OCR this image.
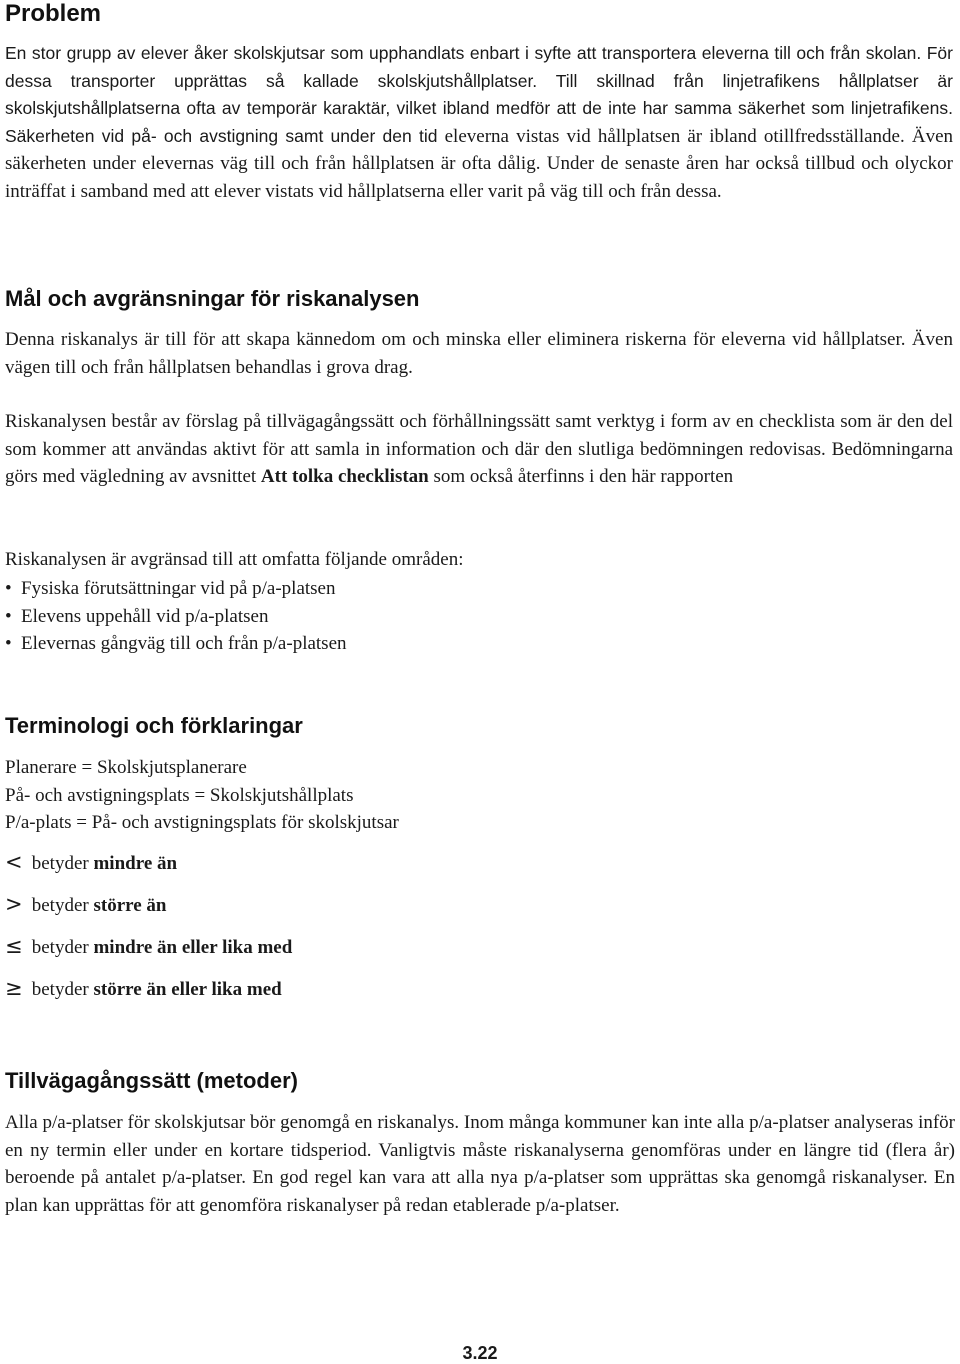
Problem

En stor grupp av elever åker skolskjutsar som upphandlats enbart i syfte att transportera eleverna till och från skolan. För dessa transporter upprättas så kallade skolskjutshållplatser. Till skillnad från linjetrafikens hållplatser är skolskjutshållplatserna ofta av temporär karaktär, vilket ibland medför att de inte har samma säkerhet som linjetrafikens. Säkerheten vid på- och avstigning samt under den tid eleverna vistas vid hållplatsen är ibland otillfredsställande. Även säkerheten under elevernas väg till och från hållplatsen är ofta dålig. Under de senaste åren har också tillbud och olyckor inträffat i samband med att elever vistats vid hållplatserna eller varit på väg till och från dessa.

Mål och avgränsningar för riskanalysen

Denna riskanalys är till för att skapa kännedom om och minska eller eliminera riskerna för eleverna vid hållplatser. Även vägen till och från hållplatsen behandlas i grova drag.

Riskanalysen består av förslag på tillvägagångssätt och förhållningssätt samt verktyg i form av en checklista som är den del som kommer att användas aktivt för att samla in information och där den slutliga bedömningen redovisas. Bedömningarna görs med vägledning av avsnittet Att tolka checklistan som också återfinns i den här rapporten

Riskanalysen är avgränsad till att omfatta följande områden:

• Fysiska förutsättningar vid på p/a-platsen
• Elevens uppehåll vid p/a-platsen
• Elevernas gångväg till och från p/a-platsen
Terminologi och förklaringar
Planerare = Skolskjutsplanerare
På- och avstigningsplats = Skolskjutshållplats
P/a-plats = På- och avstigningsplats för skolskjutsar
< betyder mindre än
> betyder större än
≤ betyder mindre än eller lika med
≥ betyder större än eller lika med
Tillvägagångssätt (metoder)

Alla p/a-platser för skolskjutsar bör genomgå en riskanalys. Inom många kommuner kan inte alla p/a-platser analyseras inför en ny termin eller under en kortare tidsperiod. Vanligtvis måste riskanalyserna genomföras under en längre tid (flera år) beroende på antalet p/a-platser. En god regel kan vara att alla nya p/a-platser som upprättas ska genomgå riskanalyser. En plan kan upprättas för att genomföra riskanalyser på redan etablerade p/a-platser.

3.22
